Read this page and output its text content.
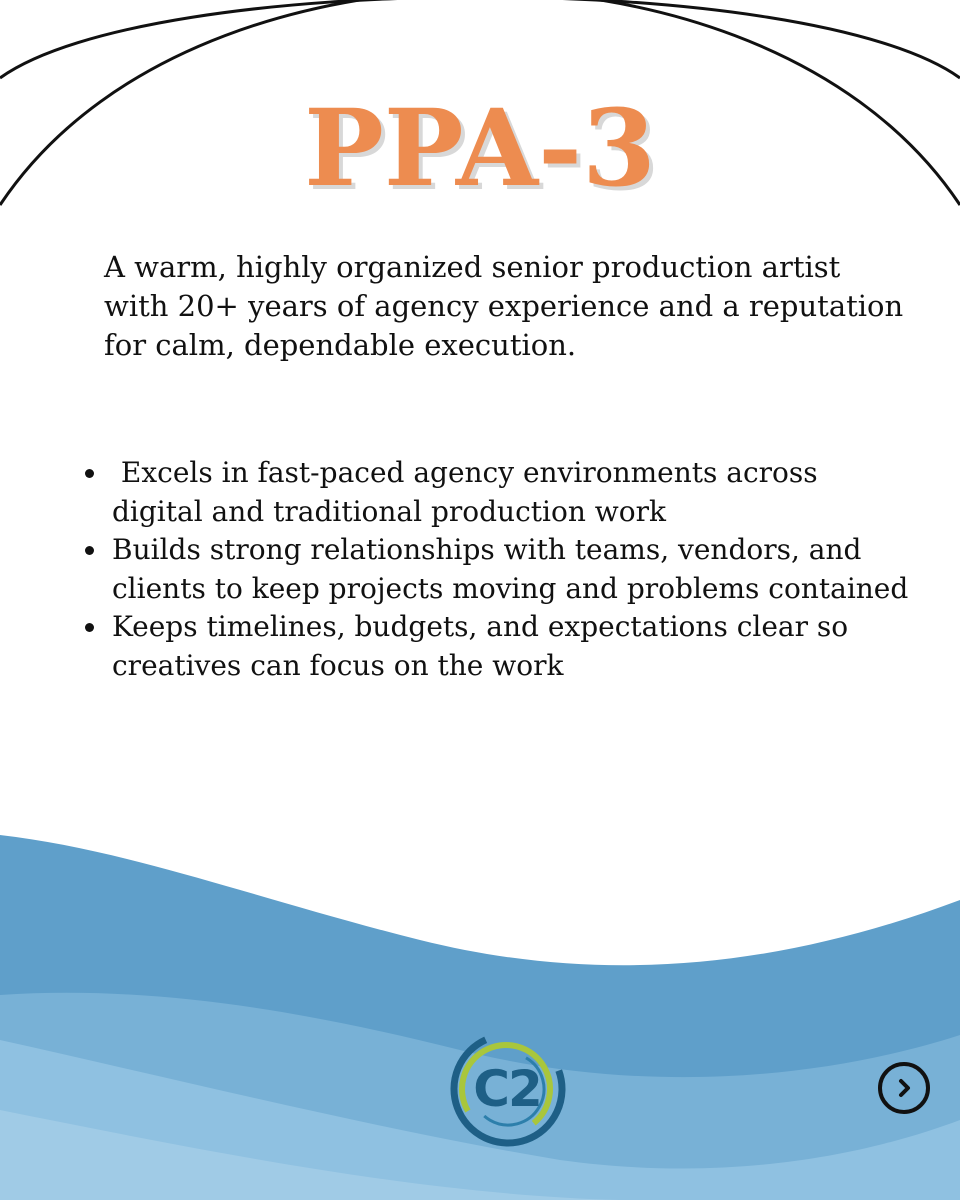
PPA-3
A warm, highly organized senior production artist with 20+ years of agency experience and a reputation for calm, dependable execution.
Excels in fast-paced agency environments across digital and traditional production work
Builds strong relationships with teams, vendors, and clients to keep projects moving and problems contained
Keeps timelines, budgets, and expectations clear so creatives can focus on the work
C2
